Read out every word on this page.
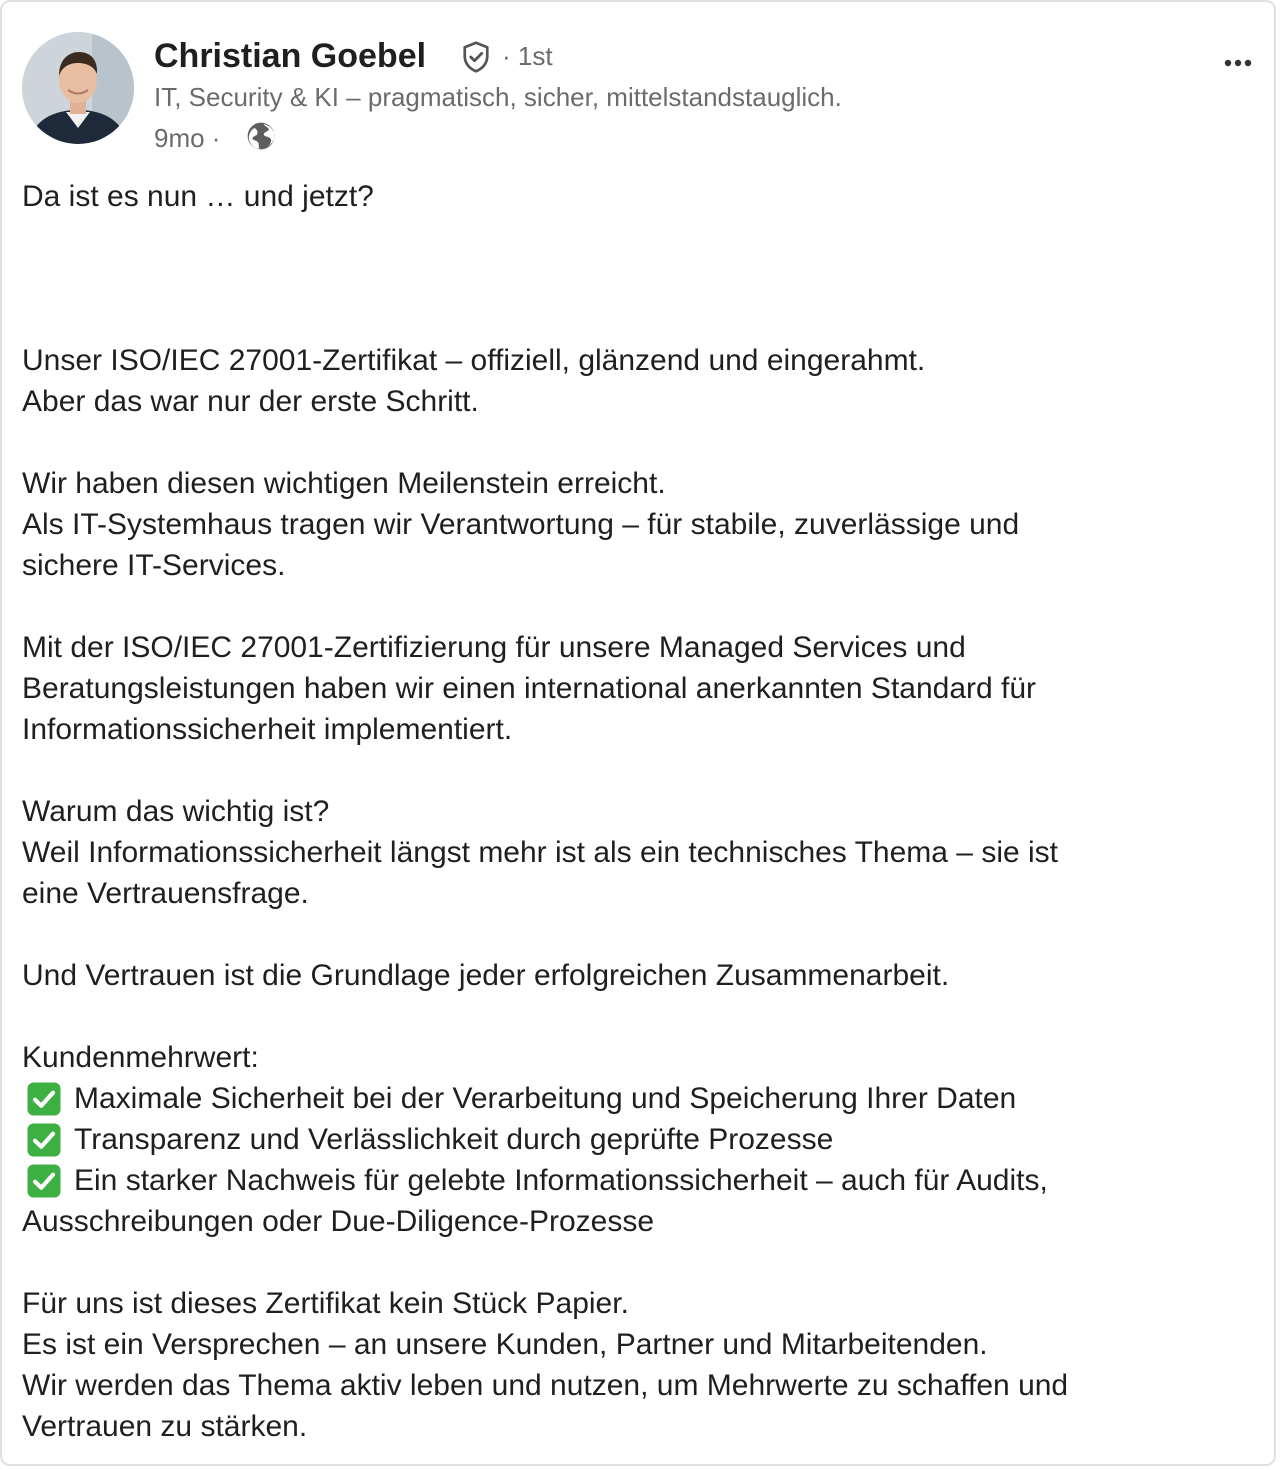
Christian Goebel	· 1st
IT, Security & KI – pragmatisch, sicher, mittelstandstauglich.
9mo ·

Da ist es nun … und jetzt?

Unser ISO/IEC 27001-Zertifikat – offiziell, glänzend und eingerahmt.

Aber das war nur der erste Schritt.

Wir haben diesen wichtigen Meilenstein erreicht.

Als IT-Systemhaus tragen wir Verantwortung – für stabile, zuverlässige und

sichere IT-Services.

Mit der ISO/IEC 27001-Zertifizierung für unsere Managed Services und

Beratungsleistungen haben wir einen international anerkannten Standard für

Informationssicherheit implementiert.

Warum das wichtig ist?

Weil Informationssicherheit längst mehr ist als ein technisches Thema – sie ist

eine Vertrauensfrage.

Und Vertrauen ist die Grundlage jeder erfolgreichen Zusammenarbeit.

Kundenmehrwert:

Maximale Sicherheit bei der Verarbeitung und Speicherung Ihrer Daten
Transparenz und Verlässlichkeit durch geprüfte Prozesse
Ein starker Nachweis für gelebte Informationssicherheit – auch für Audits,

Ausschreibungen oder Due-Diligence-Prozesse

Für uns ist dieses Zertifikat kein Stück Papier.

Es ist ein Versprechen – an unsere Kunden, Partner und Mitarbeitenden.

Wir werden das Thema aktiv leben und nutzen, um Mehrwerte zu schaffen und

Vertrauen zu stärken.
